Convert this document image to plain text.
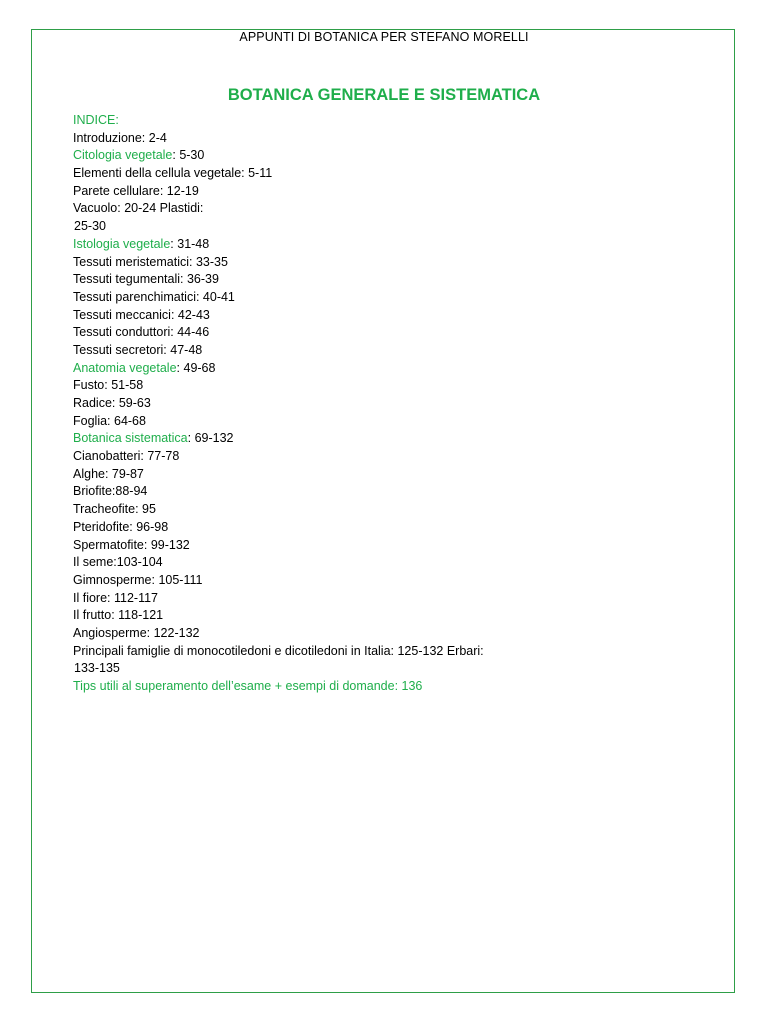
APPUNTI DI BOTANICA PER STEFANO MORELLI
BOTANICA GENERALE E SISTEMATICA
INDICE:
Introduzione: 2-4
Citologia vegetale: 5-30
Elementi della cellula vegetale: 5-11
Parete cellulare: 12-19
Vacuolo: 20-24 Plastidi:
25-30
Istologia vegetale: 31-48
Tessuti meristematici: 33-35
Tessuti tegumentali: 36-39
Tessuti parenchimatici: 40-41
Tessuti meccanici: 42-43
Tessuti conduttori: 44-46
Tessuti secretori: 47-48
Anatomia vegetale: 49-68
Fusto: 51-58
Radice: 59-63
Foglia: 64-68
Botanica sistematica: 69-132
Cianobatteri: 77-78
Alghe: 79-87
Briofite:88-94
Tracheofite: 95
Pteridofite: 96-98
Spermatofite: 99-132
Il seme:103-104
Gimnosperme: 105-111
Il fiore: 112-117
Il frutto: 118-121
Angiosperme: 122-132
Principali famiglie di monocotiledoni e dicotiledoni in Italia: 125-132 Erbari:
133-135
Tips utili al superamento dell’esame + esempi di domande: 136
